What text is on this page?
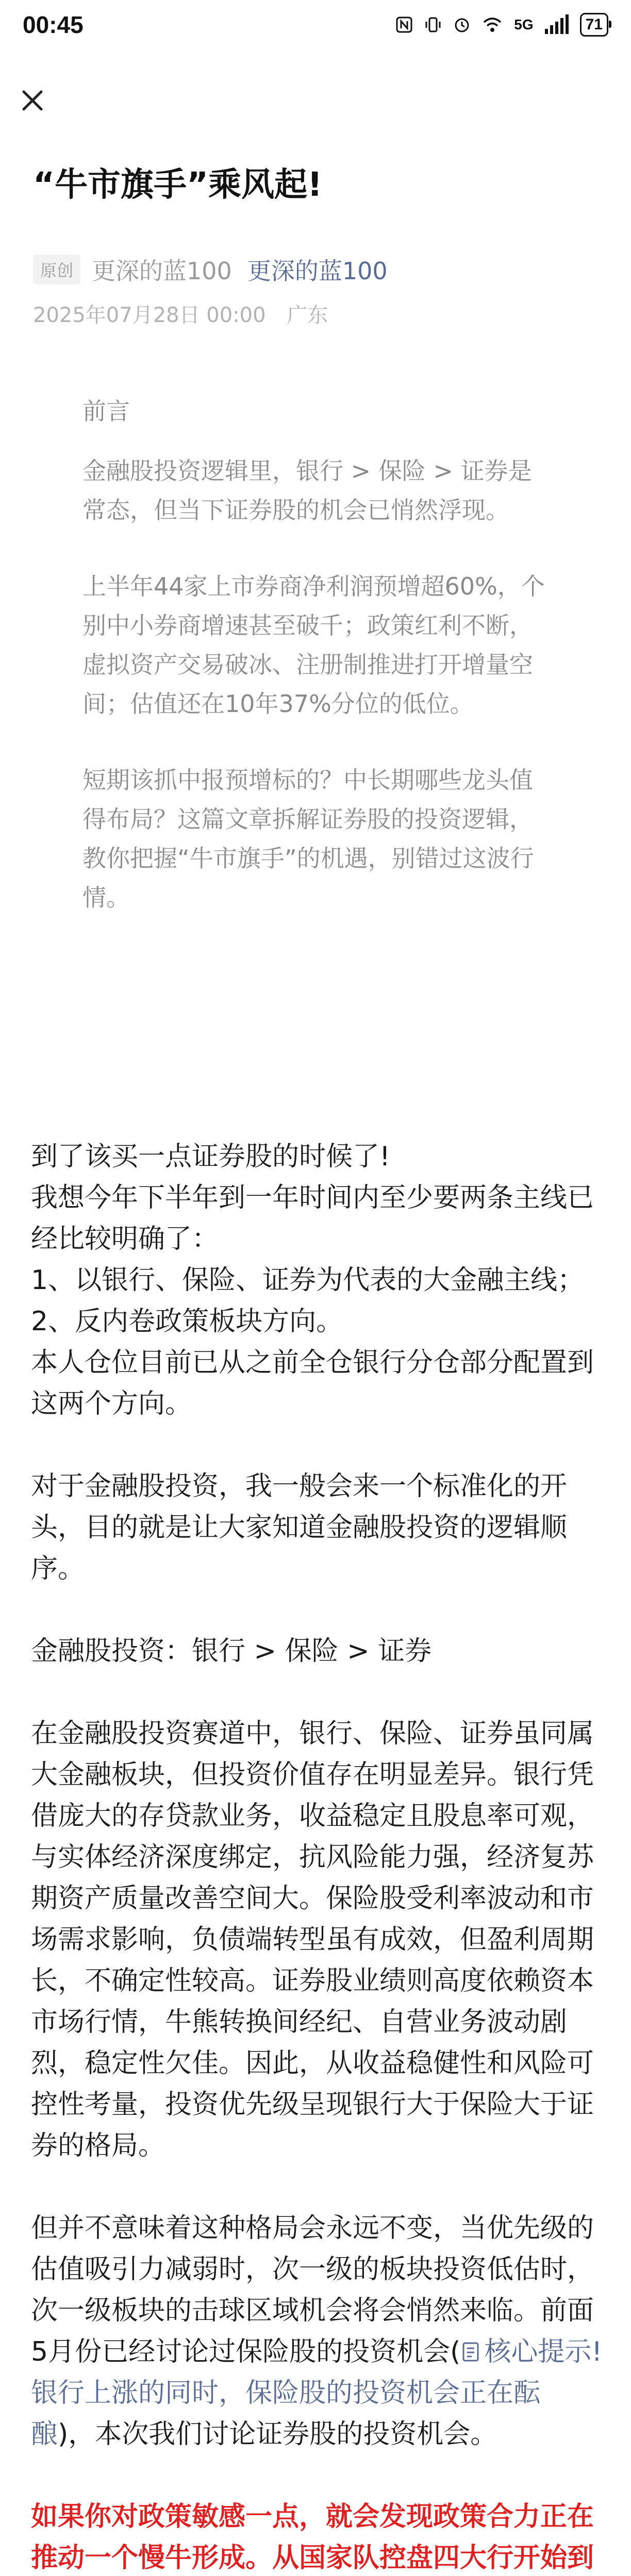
00:45	5G	71
“牛市旗手”乘风起!
原创 更深的蓝100 更深的蓝100
2025年07月28日 00:00 广东

前言

金融股投资逻辑里，银行 > 保险 > 证券是常态，但当下证券股的机会已悄然浮现。

上半年44家上市券商净利润预增超60%，个别中小券商增速甚至破千；政策红利不断，虚拟资产交易破冰、注册制推进打开增量空间；估值还在10年37%分位的低位。

短期该抓中报预增标的？中长期哪些龙头值得布局？这篇文章拆解证券股的投资逻辑，教你把握“牛市旗手”的机遇，别错过这波行情。

到了该买一点证券股的时候了!
我想今年下半年到一年时间内至少要两条主线已经比较明确了：
1、以银行、保险、证券为代表的大金融主线；
2、反内卷政策板块方向。
本人仓位目前已从之前全仓银行分仓部分配置到这两个方向。

对于金融股投资，我一般会来一个标准化的开头，目的就是让大家知道金融股投资的逻辑顺序。

金融股投资：银行 > 保险 > 证券

在金融股投资赛道中，银行、保险、证券虽同属大金融板块，但投资价值存在明显差异。银行凭借庞大的存贷款业务，收益稳定且股息率可观，与实体经济深度绑定，抗风险能力强，经济复苏期资产质量改善空间大。保险股受利率波动和市场需求影响，负债端转型虽有成效，但盈利周期长，不确定性较高。证券股业绩则高度依赖资本市场行情，牛熊转换间经纪、自营业务波动剧烈，稳定性欠佳。因此，从收益稳健性和风险可控性考量，投资优先级呈现银行大于保险大于证券的格局。

但并不意味着这种格局会永远不变，当优先级的估值吸引力减弱时，次一级的板块投资低估时，次一级板块的击球区域机会将会悄然来临。前面5月份已经讨论过保险股的投资机会( 核心提示! 银行上涨的同时，保险股的投资机会正在酝酿)，本次我们讨论证券股的投资机会。

如果你对政策敏感一点，就会发现政策合力正在推动一个慢牛形成。从国家队控盘四大行开始到
